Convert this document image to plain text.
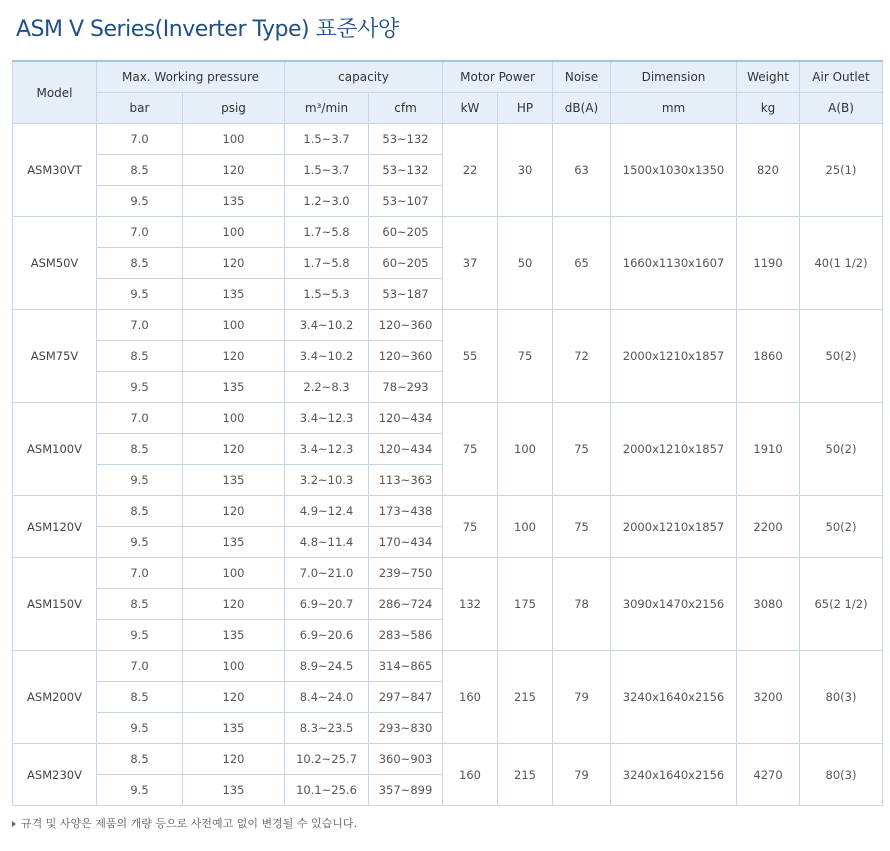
ASM V Series(Inverter Type) 표준사양
Model	Max. Working pressure		capacity		Motor Power		Noise	Dimension	Weight	Air Outlet
	bar	psig	m³/min	cfm	kW	HP	dB(A)	mm	kg	A(B)
ASM30VT	7.0	100	1.5~3.7	53~132	22	30	63	1500x1030x1350	820	25(1)
	8.5	120	1.5~3.7	53~132						
	9.5	135	1.2~3.0	53~107						
ASM50V	7.0	100	1.7~5.8	60~205	37	50	65	1660x1130x1607	1190	40(1 1/2)
	8.5	120	1.7~5.8	60~205						
	9.5	135	1.5~5.3	53~187						
ASM75V	7.0	100	3.4~10.2	120~360	55	75	72	2000x1210x1857	1860	50(2)
	8.5	120	3.4~10.2	120~360						
	9.5	135	2.2~8.3	78~293						
ASM100V	7.0	100	3.4~12.3	120~434	75	100	75	2000x1210x1857	1910	50(2)
	8.5	120	3.4~12.3	120~434						
	9.5	135	3.2~10.3	113~363						
ASM120V	8.5	120	4.9~12.4	173~438	75	100	75	2000x1210x1857	2200	50(2)
	9.5	135	4.8~11.4	170~434						
ASM150V	7.0	100	7.0~21.0	239~750	132	175	78	3090x1470x2156	3080	65(2 1/2)
	8.5	120	6.9~20.7	286~724						
	9.5	135	6.9~20.6	283~586						
ASM200V	7.0	100	8.9~24.5	314~865	160	215	79	3240x1640x2156	3200	80(3)
	8.5	120	8.4~24.0	297~847						
	9.5	135	8.3~23.5	293~830						
ASM230V	8.5	120	10.2~25.7	360~903	160	215	79	3240x1640x2156	4270	80(3)
	9.5	135	10.1~25.6	357~899						
규격 및 사양은 제품의 개량 등으로 사전예고 없이 변경될 수 있습니다.
